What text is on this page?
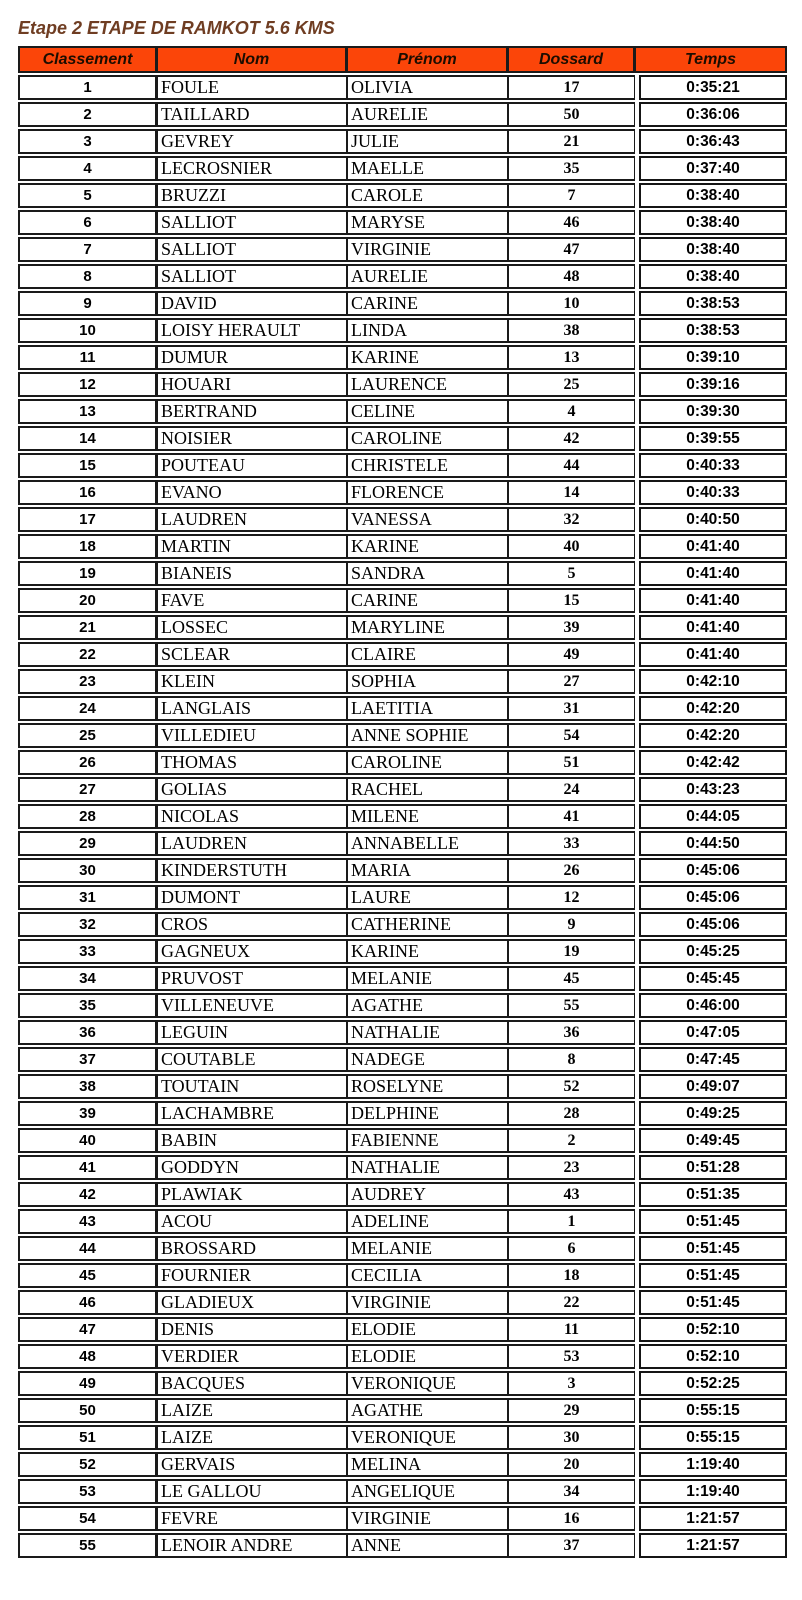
Etape 2 ETAPE DE RAMKOT 5.6 KMS
Classement	Nom	Prénom	Dossard	Temps
1	FOULE	OLIVIA	17	0:35:21

2	TAILLARD	AURELIE	50	0:36:06

3	GEVREY	JULIE	21	0:36:43

4	LECROSNIER	MAELLE	35	0:37:40

5	BRUZZI	CAROLE	7	0:38:40

6	SALLIOT	MARYSE	46	0:38:40

7	SALLIOT	VIRGINIE	47	0:38:40

8	SALLIOT	AURELIE	48	0:38:40

9	DAVID	CARINE	10	0:38:53

10	LOISY HERAULT	LINDA	38	0:38:53

11	DUMUR	KARINE	13	0:39:10

12	HOUARI	LAURENCE	25	0:39:16

13	BERTRAND	CELINE	4	0:39:30

14	NOISIER	CAROLINE	42	0:39:55

15	POUTEAU	CHRISTELE	44	0:40:33

16	EVANO	FLORENCE	14	0:40:33

17	LAUDREN	VANESSA	32	0:40:50

18	MARTIN	KARINE	40	0:41:40

19	BIANEIS	SANDRA	5	0:41:40

20	FAVE	CARINE	15	0:41:40

21	LOSSEC	MARYLINE	39	0:41:40

22	SCLEAR	CLAIRE	49	0:41:40

23	KLEIN	SOPHIA	27	0:42:10

24	LANGLAIS	LAETITIA	31	0:42:20

25	VILLEDIEU	ANNE SOPHIE	54	0:42:20

26	THOMAS	CAROLINE	51	0:42:42

27	GOLIAS	RACHEL	24	0:43:23

28	NICOLAS	MILENE	41	0:44:05

29	LAUDREN	ANNABELLE	33	0:44:50

30	KINDERSTUTH	MARIA	26	0:45:06

31	DUMONT	LAURE	12	0:45:06

32	CROS	CATHERINE	9	0:45:06

33	GAGNEUX	KARINE	19	0:45:25

34	PRUVOST	MELANIE	45	0:45:45

35	VILLENEUVE	AGATHE	55	0:46:00

36	LEGUIN	NATHALIE	36	0:47:05

37	COUTABLE	NADEGE	8	0:47:45

38	TOUTAIN	ROSELYNE	52	0:49:07

39	LACHAMBRE	DELPHINE	28	0:49:25

40	BABIN	FABIENNE	2	0:49:45

41	GODDYN	NATHALIE	23	0:51:28

42	PLAWIAK	AUDREY	43	0:51:35

43	ACOU	ADELINE	1	0:51:45

44	BROSSARD	MELANIE	6	0:51:45

45	FOURNIER	CECILIA	18	0:51:45

46	GLADIEUX	VIRGINIE	22	0:51:45

47	DENIS	ELODIE	11	0:52:10

48	VERDIER	ELODIE	53	0:52:10

49	BACQUES	VERONIQUE	3	0:52:25

50	LAIZE	AGATHE	29	0:55:15

51	LAIZE	VERONIQUE	30	0:55:15

52	GERVAIS	MELINA	20	1:19:40

53	LE GALLOU	ANGELIQUE	34	1:19:40

54	FEVRE	VIRGINIE	16	1:21:57

55	LENOIR ANDRE	ANNE	37	1:21:57
